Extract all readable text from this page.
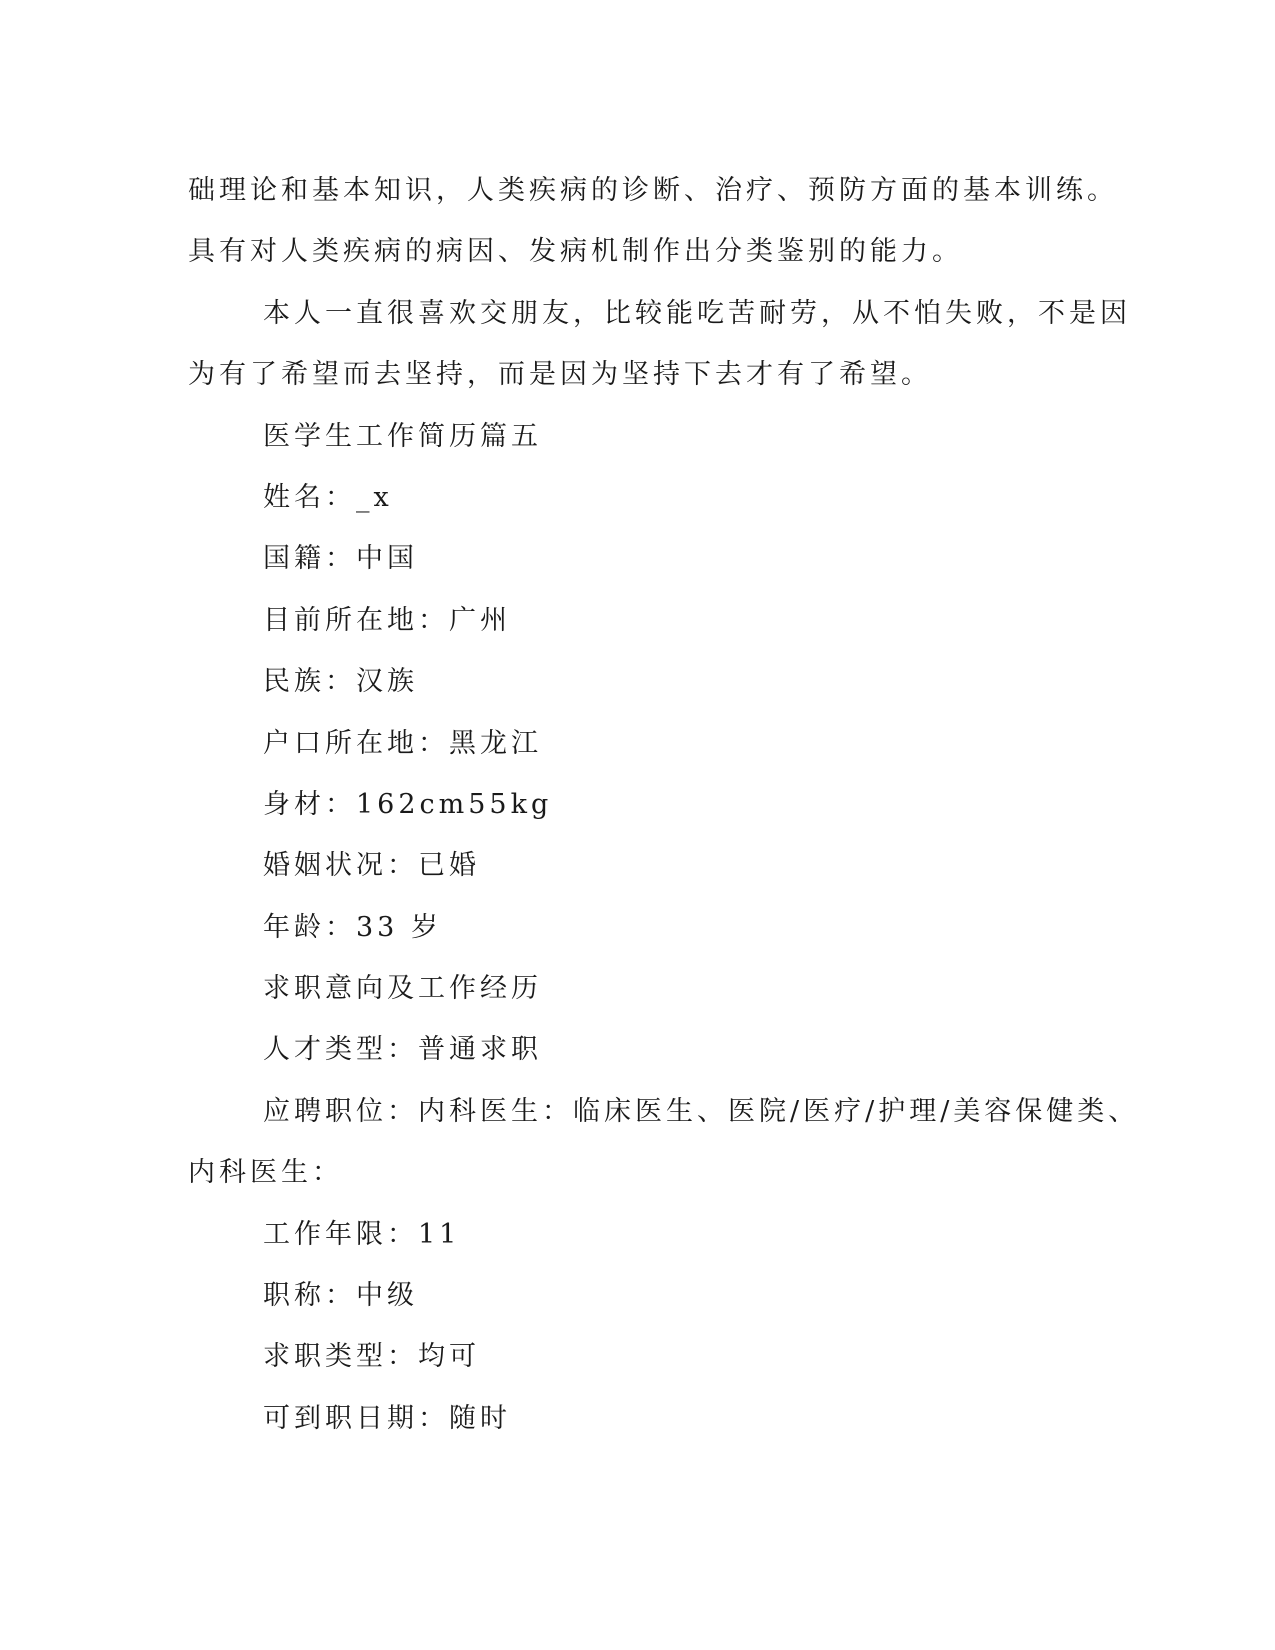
础理论和基本知识，人类疾病的诊断、治疗、预防方面的基本训练。
具有对人类疾病的病因、发病机制作出分类鉴别的能力。
本人一直很喜欢交朋友，比较能吃苦耐劳，从不怕失败，不是因
为有了希望而去坚持，而是因为坚持下去才有了希望。
医学生工作简历篇五
姓名：_x
国籍：中国
目前所在地：广州
民族：汉族
户口所在地：黑龙江
身材：162cm55kg
婚姻状况：已婚
年龄：33 岁
求职意向及工作经历
人才类型：普通求职
应聘职位：内科医生：临床医生、医院/医疗/护理/美容保健类、
内科医生：
工作年限：11
职称：中级
求职类型：均可
可到职日期：随时
